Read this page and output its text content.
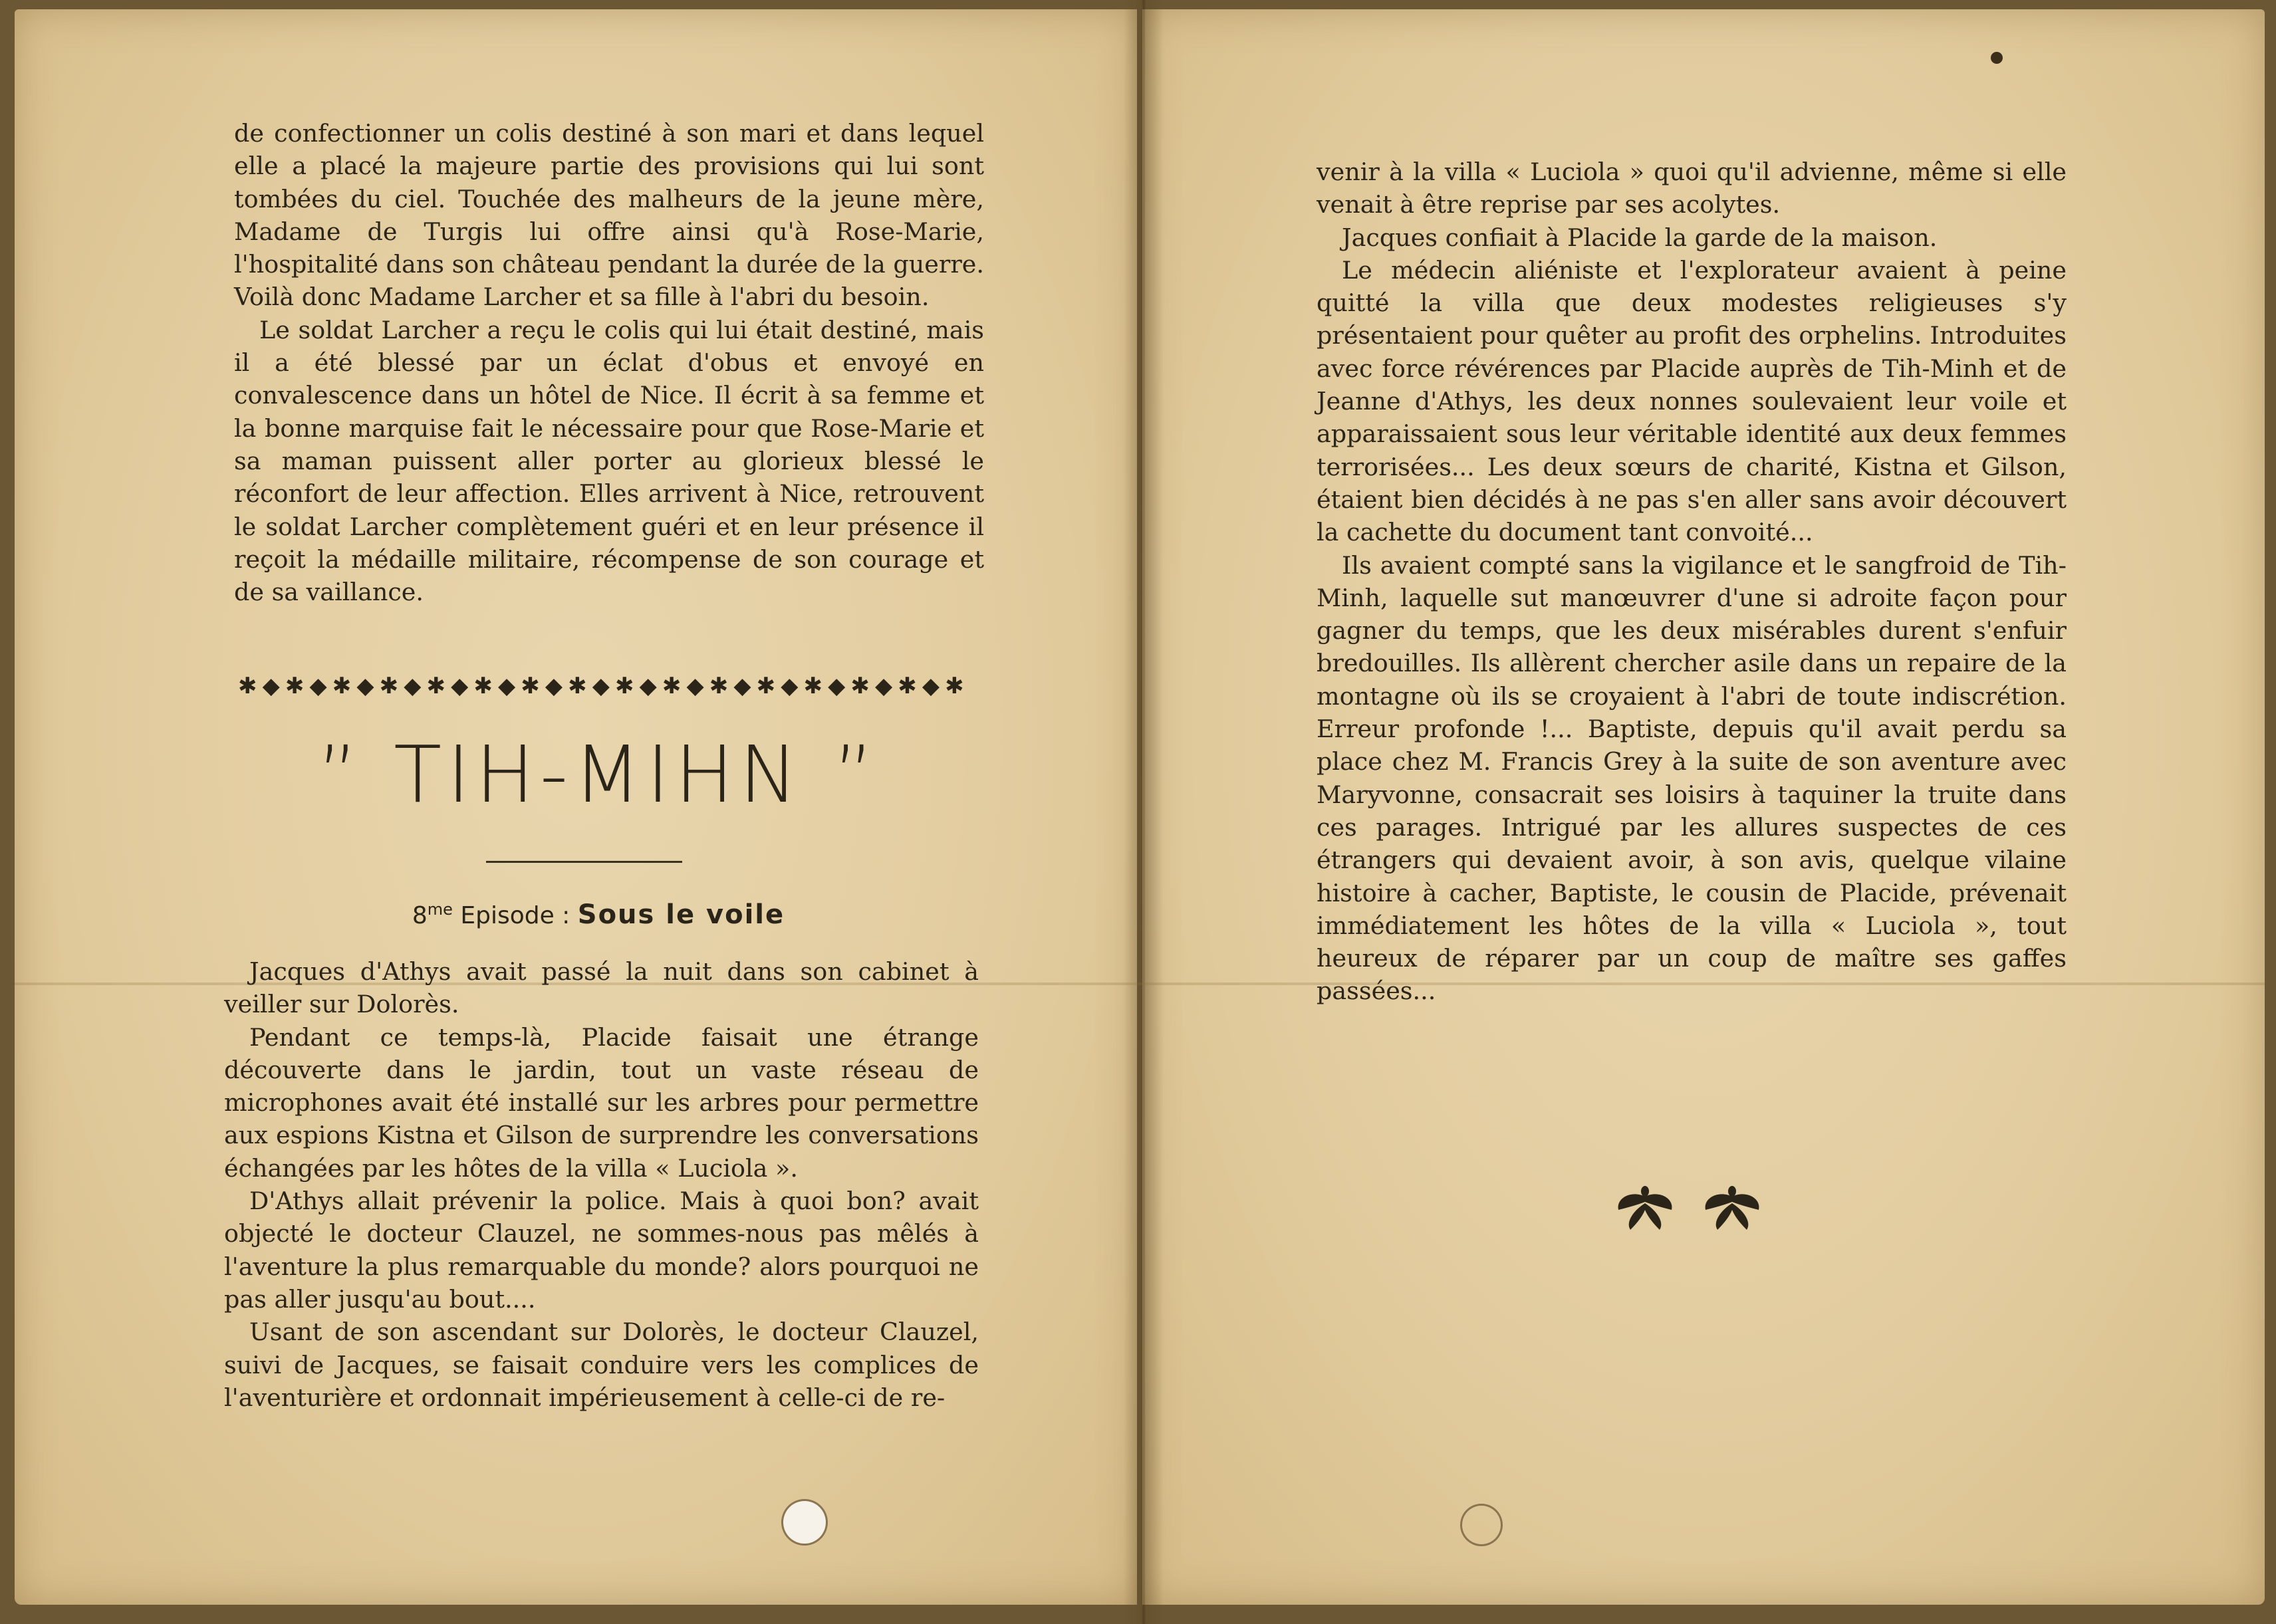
de confectionner un colis destiné à son mari et dans lequel elle a placé la majeure partie des provisions qui lui sont tombées du ciel. Touchée des malheurs de la jeune mère, Madame de Turgis lui offre ainsi qu'à Rose-Marie, l'hospitalité dans son château pendant la durée de la guerre. Voilà donc Madame Larcher et sa fille à l'abri du besoin.

Le soldat Larcher a reçu le colis qui lui était destiné, mais il a été blessé par un éclat d'obus et envoyé en convalescence dans un hôtel de Nice. Il écrit à sa femme et la bonne marquise fait le nécessaire pour que Rose-Marie et sa maman puissent aller porter au glorieux blessé le réconfort de leur affection. Elles arrivent à Nice, retrouvent le soldat Larcher complètement guéri et en leur présence il reçoit la médaille militaire, récompense de son courage et de sa vaillance.

✱ ◆ ✱ ◆ ✱ ◆ ✱ ◆ ✱ ◆ ✱ ◆ ✱ ◆ ✱ ◆ ✱ ◆ ✱ ◆ ✱ ◆ ✱ ◆ ✱ ◆ ✱ ◆ ✱ ◆ ✱
” TIH-MIHN ”
$8^{me}$ Episode : Sous le voile

Jacques d'Athys avait passé la nuit dans son cabinet à veiller sur Dolorès.

Pendant ce temps-là, Placide faisait une étrange découverte dans le jardin, tout un vaste réseau de microphones avait été installé sur les arbres pour permettre aux espions Kistna et Gilson de surprendre les conversations échangées par les hôtes de la villa « Luciola ».

D'Athys allait prévenir la police. Mais à quoi bon? avait objecté le docteur Clauzel, ne sommes-nous pas mêlés à l'aventure la plus remarquable du monde? alors pourquoi ne pas aller jusqu'au bout....

Usant de son ascendant sur Dolorès, le docteur Clauzel, suivi de Jacques, se faisait conduire vers les complices de l'aventurière et ordonnait impérieusement à celle-ci de re-

venir à la villa « Luciola » quoi qu'il advienne, même si elle venait à être reprise par ses acolytes.

Jacques confiait à Placide la garde de la maison.

Le médecin aliéniste et l'explorateur avaient à peine quitté la villa que deux modestes religieuses s'y présentaient pour quêter au profit des orphelins. Introduites avec force révérences par Placide auprès de Tih-Minh et de Jeanne d'Athys, les deux nonnes soulevaient leur voile et apparaissaient sous leur véritable identité aux deux femmes terrorisées... Les deux sœurs de charité, Kistna et Gilson, étaient bien décidés à ne pas s'en aller sans avoir découvert la cachette du document tant convoité...

Ils avaient compté sans la vigilance et le sangfroid de Tih-Minh, laquelle sut manœuvrer d'une si adroite façon pour gagner du temps, que les deux misérables durent s'enfuir bredouilles. Ils allèrent chercher asile dans un repaire de la montagne où ils se croyaient à l'abri de toute indiscrétion. Erreur profonde !... Baptiste, depuis qu'il avait perdu sa place chez M. Francis Grey à la suite de son aventure avec Maryvonne, consacrait ses loisirs à taquiner la truite dans ces parages. Intrigué par les allures suspectes de ces étrangers qui devaient avoir, à son avis, quelque vilaine histoire à cacher, Baptiste, le cousin de Placide, prévenait immédiatement les hôtes de la villa « Luciola », tout heureux de réparer par un coup de maître ses gaffes passées...
